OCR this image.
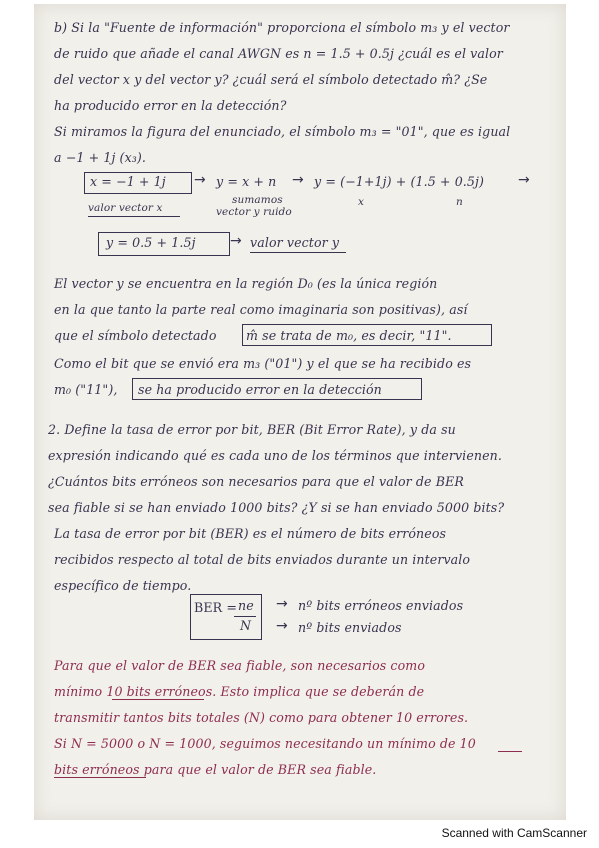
b) Si la "Fuente de información" proporciona el símbolo m₃ y el vector
de ruido que añade el canal AWGN es n = 1.5 + 0.5j ¿cuál es el valor
del vector x y del vector y? ¿cuál será el símbolo detectado m̂? ¿Se
ha producido error en la detección?
Si miramos la figura del enunciado, el símbolo m₃ = "01", que es igual
a −1 + 1j (x₃).
x = −1 + 1j → y = x + n → y = (−1+1j) + (1.5 + 0.5j) →
valor vector x
sumamos
vector y ruido
x	n
y = 0.5 + 1.5j → valor vector y
El vector y se encuentra en la región D₀ (es la única región
en la que tanto la parte real como imaginaria son positivas), así
que el símbolo detectado m̂ se trata de m₀, es decir, "11".
Como el bit que se envió era m₃ ("01") y el que se ha recibido es
m₀ ("11"), se ha producido error en la detección
2. Define la tasa de error por bit, BER (Bit Error Rate), y da su
expresión indicando qué es cada uno de los términos que intervienen.
¿Cuántos bits erróneos son necesarios para que el valor de BER
sea fiable si se han enviado 1000 bits? ¿Y si se han enviado 5000 bits?
La tasa de error por bit (BER) es el número de bits erróneos
recibidos respecto al total de bits enviados durante un intervalo
específico de tiempo.
BER = ne
N
→ nº bits erróneos enviados
→ nº bits enviados
Para que el valor de BER sea fiable, son necesarios como
mínimo 10 bits erróneos. Esto implica que se deberán de
transmitir tantos bits totales (N) como para obtener 10 errores.
Si N = 5000 o N = 1000, seguimos necesitando un mínimo de 10
bits erróneos para que el valor de BER sea fiable.
Scanned with CamScanner
